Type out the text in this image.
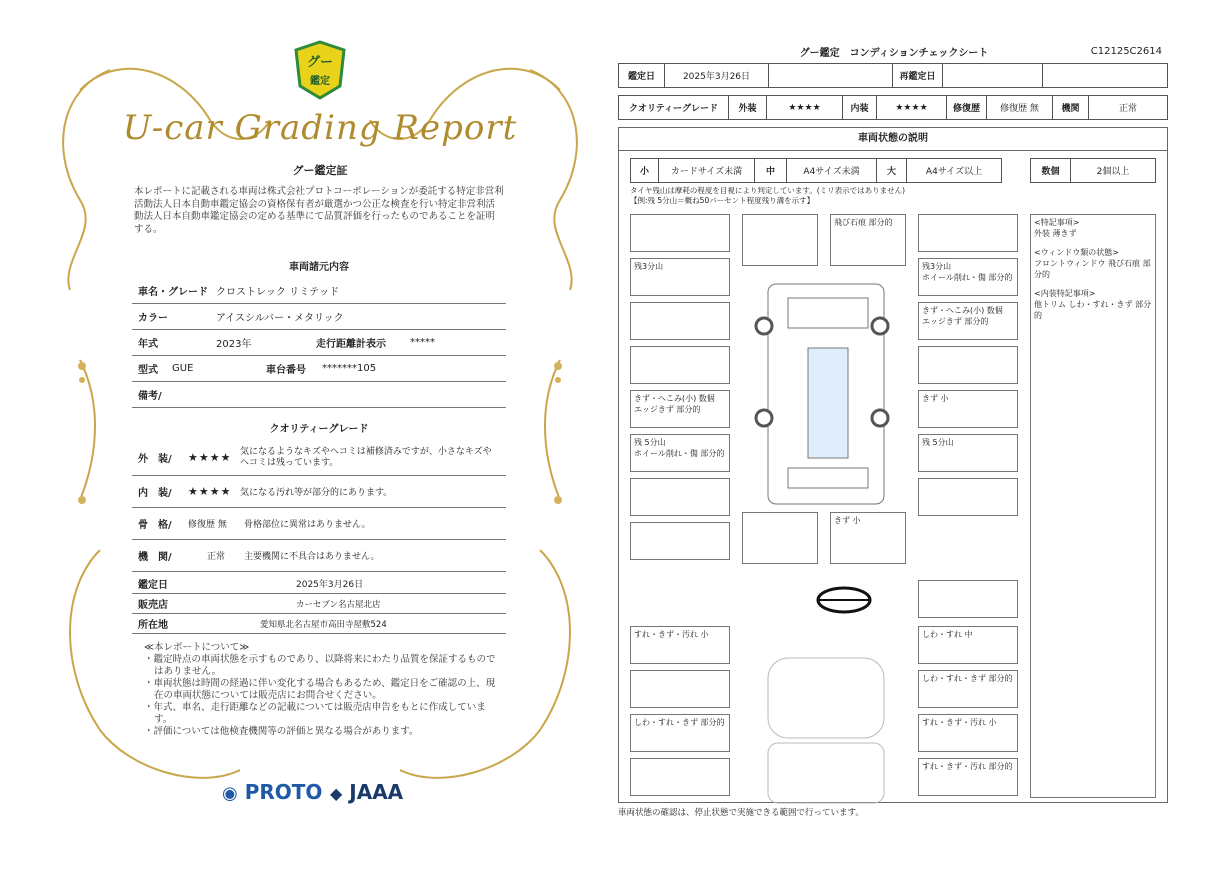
グー
鑑定
U-car Grading Report
グー鑑定証
本レポートに記載される車両は株式会社プロトコーポレーションが委託する特定非営利活動法人日本自動車鑑定協会の資格保有者が厳選かつ公正な検査を行い特定非営利活動法人日本自動車鑑定協会の定める基準にて品質評価を行ったものであることを証明する。
車両諸元内容
車名・グレード クロストレック リミテッド
カラー	アイスシルバー・メタリック
年式	2023年	走行距離計表示 *****
型式	GUE	車台番号	*******105
備考/
クオリティーグレード
外　装/	★★★★ 気になるようなキズやヘコミは補修済みですが、小さなキズやヘコミは残っています。
内　装/	★★★★ 気になる汚れ等が部分的にあります。
骨　格/	修復歴 無	骨格部位に異常はありません。
機　関/	正常	主要機関に不具合はありません。
鑑定日	2025年3月26日
販売店	カーセブン名古屋北店
所在地	愛知県北名古屋市高田寺屋敷524
≪本レポートについて≫
・鑑定時点の車両状態を示すものであり、以降将来にわたり品質を保証するものではありません。
・車両状態は時間の経過に伴い変化する場合もあるため、鑑定日をご確認の上、現在の車両状態については販売店にお問合せください。
・年式、車名、走行距離などの記載については販売店申告をもとに作成しています。
・評価については他検査機関等の評価と異なる場合があります。
◉ PROTO ◆ JAAA
グー鑑定　コンディションチェックシート	C12125C2614
鑑定日	2025年3月26日		再鑑定日		
クオリティーグレード	外装	★★★★	内装	★★★★	修復歴	修復歴 無	機関	正常
車両状態の説明
小	カードサイズ未満	中	A4サイズ未満	大	A4サイズ以上	数個	2個以上
タイヤ残山は摩耗の程度を目視により判定しています。(ミリ表示ではありません)
【例:残 5分山＝概ね50パーセント程度残り溝を示す】
飛び石痕 部分的
残3分山	残3分山
ホイール削れ・傷 部分的
きず・へこみ(小) 数個
エッジきず 部分的
きず・へこみ(小) 数個
エッジきず 部分的
きず 小
残 5分山
ホイール削れ・傷 部分的
残 5分山
きず 小
すれ・きず・汚れ 小	しわ・すれ 中
しわ・すれ・きず 部分的
しわ・すれ・きず 部分的	すれ・きず・汚れ 小
すれ・きず・汚れ 部分的
<特記事項>
外装 薄きず
<ウィンドウ類の状態>
フロントウィンドウ 飛び石痕 部分的
<内装特記事項>
他トリム しわ・すれ・きず 部分的
車両状態の確認は、停止状態で実施できる範囲で行っています。
